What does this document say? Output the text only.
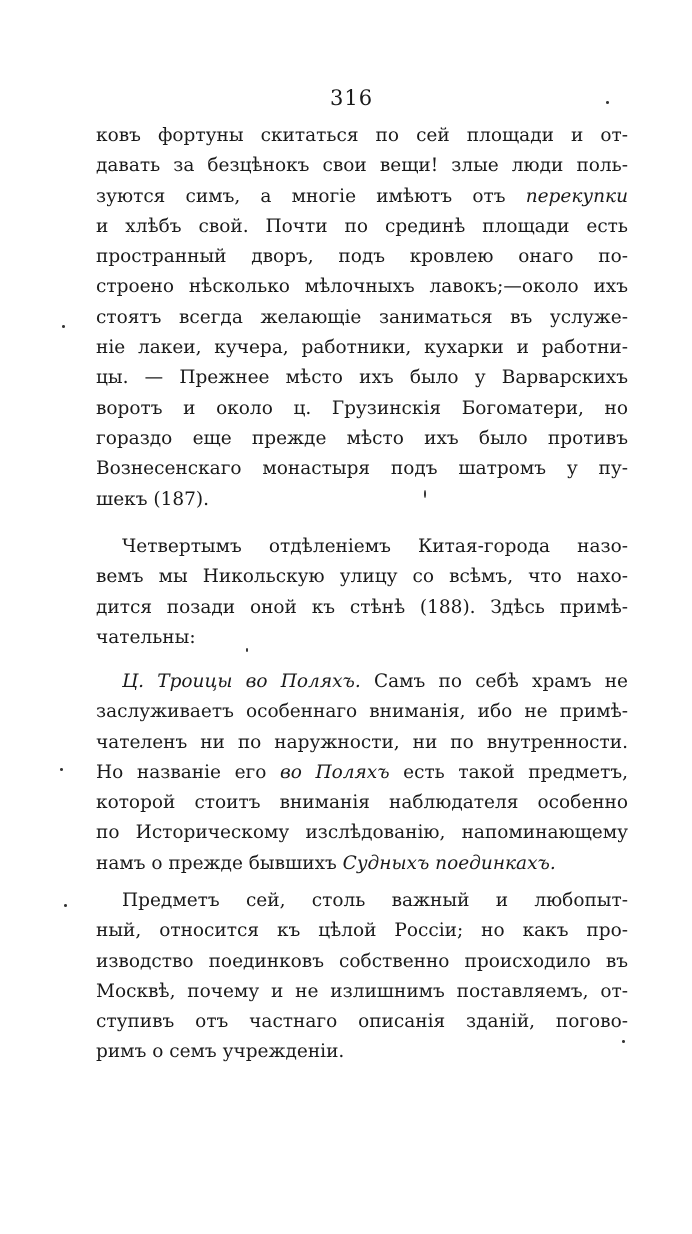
316
ковъ фортуны скитаться по сей площади и от-
давать за безцѣнокъ свои вещи! злые люди поль-
зуются симъ, а многіе имѣютъ отъ перекупки
и хлѣбъ свой. Почти по срединѣ площади есть
пространный дворъ, подъ кровлею онаго по-
строено нѣсколько мѣлочныхъ лавокъ;—около ихъ
стоятъ всегда желающіе заниматься въ услуже-
ніе лакеи, кучера, работники, кухарки и работни-
цы. — Прежнее мѣсто ихъ было у Варварскихъ
воротъ и около ц. Грузинскія Богоматери, но
гораздо еще прежде мѣсто ихъ было противъ
Вознесенскаго монастыря подъ шатромъ у пу-
шекъ (187).
Четвертымъ отдѣленіемъ Китая-города назо-
вемъ мы Никольскую улицу со всѣмъ, что нахо-
дится позади оной къ стѣнѣ (188). Здѣсь примѣ-
чательны:
Ц. Троицы во Поляхъ. Самъ по себѣ храмъ не
заслуживаетъ особеннаго вниманія, ибо не примѣ-
чателенъ ни по наружности, ни по внутренности.
Но названіе его во Поляхъ есть такой предметъ,
которой стоитъ вниманія наблюдателя особенно
по Историческому изслѣдованію, напоминающему
намъ о прежде бывшихъ Судныхъ поединкахъ.
Предметъ сей, столь важный и любопыт-
ный, относится къ цѣлой Россіи; но какъ про-
изводство поединковъ собственно происходило въ
Москвѣ, почему и не излишнимъ поставляемъ, от-
ступивъ отъ частнаго описанія зданій, погово-
римъ о семъ учрежденіи.
